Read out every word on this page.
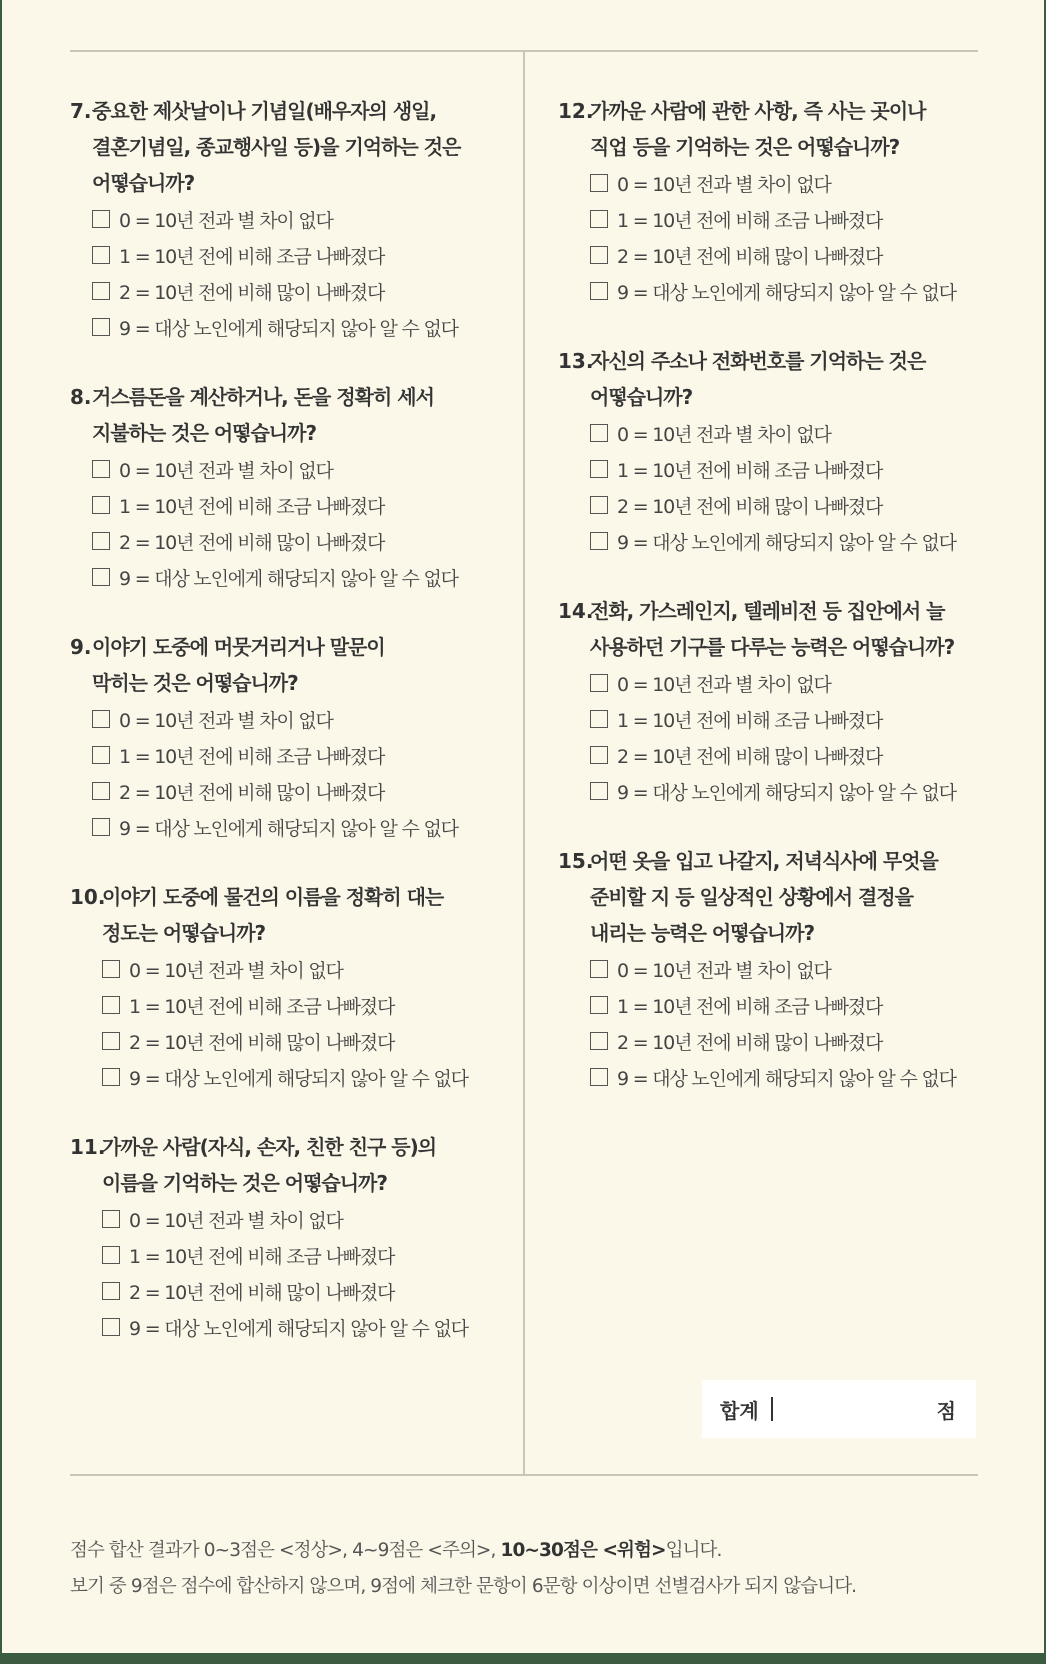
7. 중요한 제삿날이나 기념일(배우자의 생일,
결혼기념일, 종교행사일 등)을 기억하는 것은
어떻습니까?
0 = 10년 전과 별 차이 없다
1 = 10년 전에 비해 조금 나빠졌다
2 = 10년 전에 비해 많이 나빠졌다
9 = 대상 노인에게 해당되지 않아 알 수 없다
8. 거스름돈을 계산하거나, 돈을 정확히 세서
지불하는 것은 어떻습니까?
0 = 10년 전과 별 차이 없다
1 = 10년 전에 비해 조금 나빠졌다
2 = 10년 전에 비해 많이 나빠졌다
9 = 대상 노인에게 해당되지 않아 알 수 없다
9. 이야기 도중에 머뭇거리거나 말문이
막히는 것은 어떻습니까?
0 = 10년 전과 별 차이 없다
1 = 10년 전에 비해 조금 나빠졌다
2 = 10년 전에 비해 많이 나빠졌다
9 = 대상 노인에게 해당되지 않아 알 수 없다
10.
이야기 도중에 물건의 이름을 정확히 대는
정도는 어떻습니까?
0 = 10년 전과 별 차이 없다
1 = 10년 전에 비해 조금 나빠졌다
2 = 10년 전에 비해 많이 나빠졌다
9 = 대상 노인에게 해당되지 않아 알 수 없다
11.
가까운 사람(자식, 손자, 친한 친구 등)의
이름을 기억하는 것은 어떻습니까?
0 = 10년 전과 별 차이 없다
1 = 10년 전에 비해 조금 나빠졌다
2 = 10년 전에 비해 많이 나빠졌다
9 = 대상 노인에게 해당되지 않아 알 수 없다
12.
가까운 사람에 관한 사항, 즉 사는 곳이나
직업 등을 기억하는 것은 어떻습니까?
0 = 10년 전과 별 차이 없다
1 = 10년 전에 비해 조금 나빠졌다
2 = 10년 전에 비해 많이 나빠졌다
9 = 대상 노인에게 해당되지 않아 알 수 없다
13.
자신의 주소나 전화번호를 기억하는 것은
어떻습니까?
0 = 10년 전과 별 차이 없다
1 = 10년 전에 비해 조금 나빠졌다
2 = 10년 전에 비해 많이 나빠졌다
9 = 대상 노인에게 해당되지 않아 알 수 없다
14.
전화, 가스레인지, 텔레비전 등 집안에서 늘
사용하던 기구를 다루는 능력은 어떻습니까?
0 = 10년 전과 별 차이 없다
1 = 10년 전에 비해 조금 나빠졌다
2 = 10년 전에 비해 많이 나빠졌다
9 = 대상 노인에게 해당되지 않아 알 수 없다
15.
어떤 옷을 입고 나갈지, 저녁식사에 무엇을
준비할 지 등 일상적인 상황에서 결정을
내리는 능력은 어떻습니까?
0 = 10년 전과 별 차이 없다
1 = 10년 전에 비해 조금 나빠졌다
2 = 10년 전에 비해 많이 나빠졌다
9 = 대상 노인에게 해당되지 않아 알 수 없다
합계	점

점수 합산 결과가 0~3점은 <정상>, 4~9점은 <주의>, 10~30점은 <위험>입니다.

보기 중 9점은 점수에 합산하지 않으며, 9점에 체크한 문항이 6문항 이상이면 선별검사가 되지 않습니다.
